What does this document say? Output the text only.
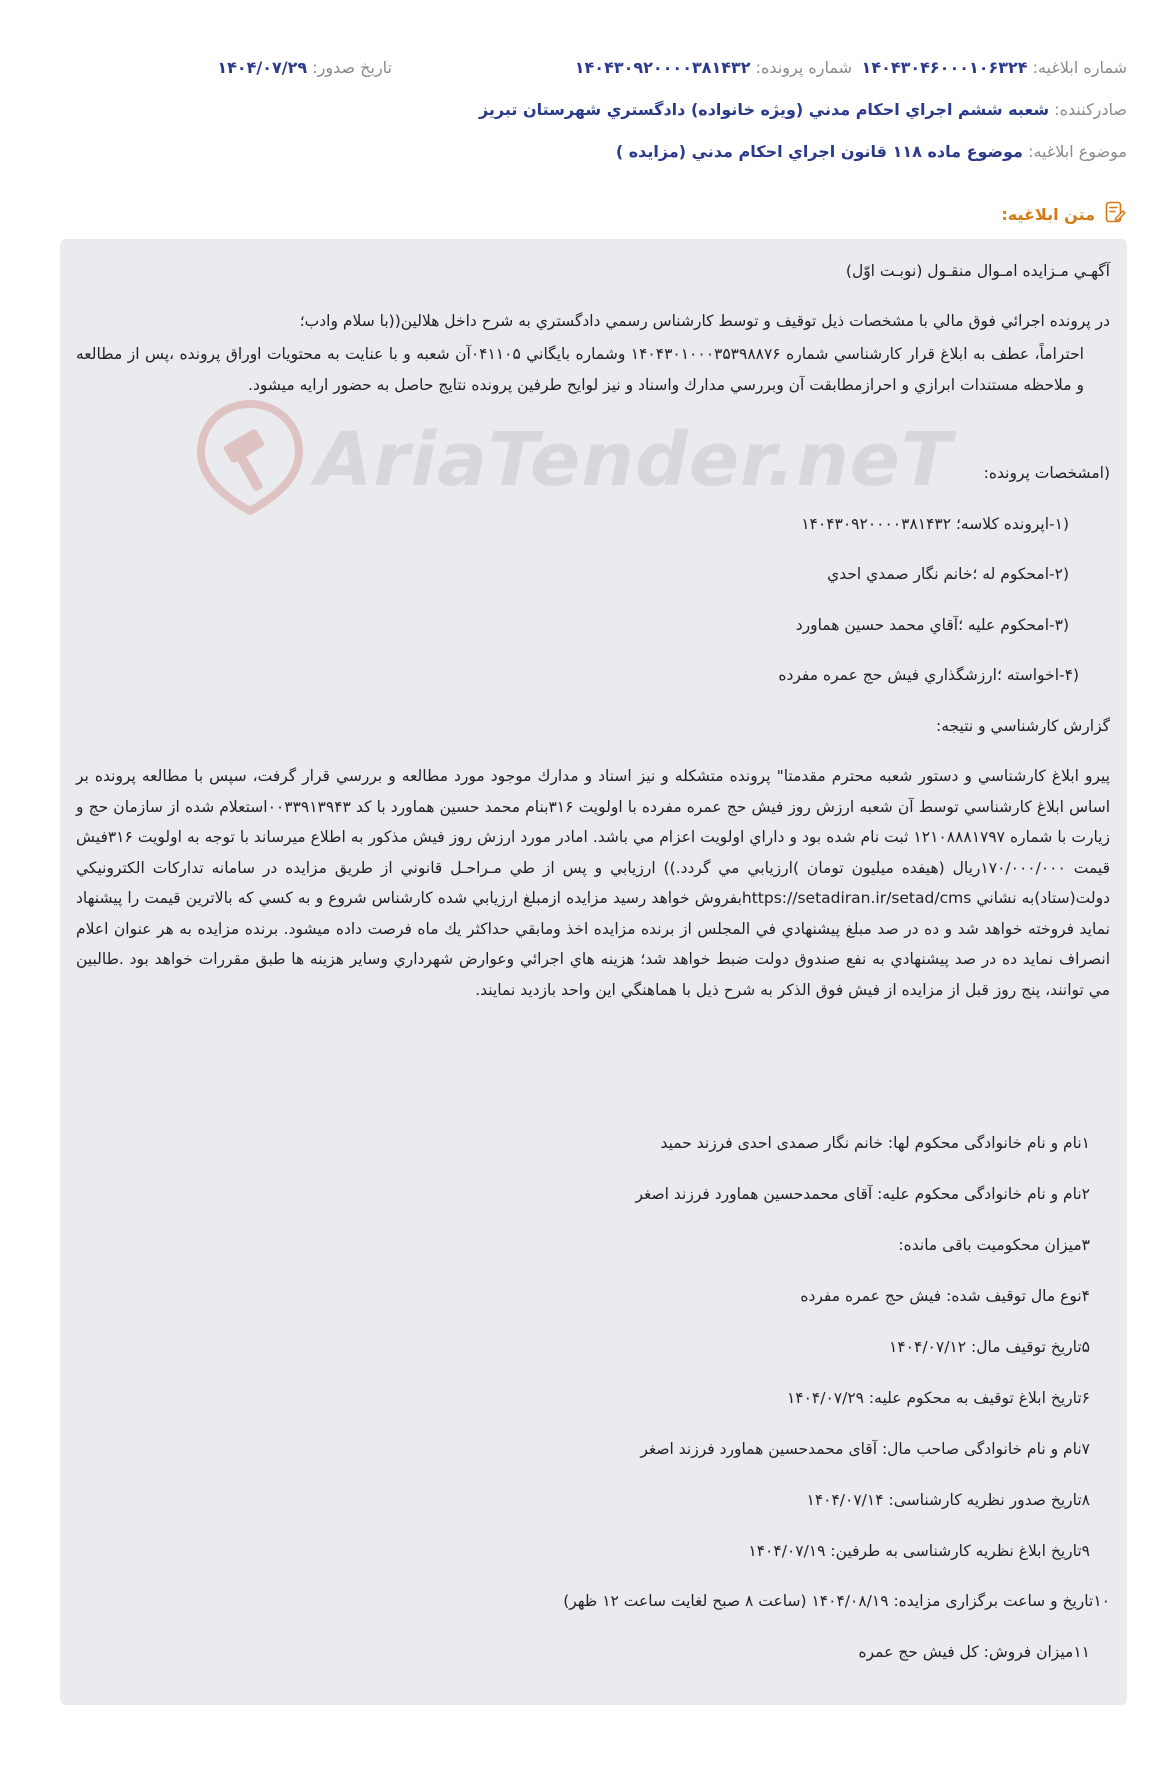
شماره ابلاغیه: ۱۴۰۴۳۰۴۶۰۰۰۱۰۶۳۲۴
شماره پرونده: ۱۴۰۴۳۰۹۲۰۰۰۰۳۸۱۴۳۲
تاریخ صدور: ۱۴۰۴/۰۷/۲۹
صادرکننده: شعبه ششم اجراي احكام مدني (ويژه خانواده) دادگستري شهرستان تبريز
موضوع ابلاغیه: موضوع ماده ۱۱۸ قانون اجراي احكام مدني (مزايده )
متن ابلاغیه:
AriaTender.neT
آگهـي مـزايده امـوال منقـول (نوبـت اوّل)
در پرونده اجرائي فوق مالي با مشخصات ذيل توقيف و توسط كارشناس رسمي دادگستري به شرح داخل هلالين((با سلام وادب؛
احتراماً، عطف به ابلاغ قرار كارشناسي شماره ۱۴۰۴۳۰۱۰۰۰۳۵۳۹۸۸۷۶ وشماره بايگاني ۰۴۱۱۰۵آن شعبه و با عنايت به محتويات اوراق پرونده ،پس از مطالعه و ملاحظه مستندات ابرازي و احرازمطابقت آن وبررسي مدارك واسناد و نيز لوايح طرفين پرونده نتايج حاصل به حضور ارايه ميشود.
(امشخصات پرونده:
(۱-اپرونده كلاسه؛ ۱۴۰۴۳۰۹۲۰۰۰۰۳۸۱۴۳۲
(۲-امحكوم له ؛خانم نگار صمدي احدي
(۳-امحكوم عليه ؛آقاي محمد حسين هماورد
(۴-اخواسته ؛ارزشگذاري فيش حج عمره مفرده
گزارش كارشناسي و نتيجه:
پيرو ابلاغ كارشناسي و دستور شعبه محترم مقدمتا" پرونده متشكله و نيز اسناد و مدارك موجود مورد مطالعه و بررسي قرار گرفت، سپس با مطالعه پرونده بر اساس ابلاغ كارشناسي توسط آن شعبه ارزش روز فيش حج عمره مفرده با اولويت ۳۱۶بنام محمد حسين هماورد با كد ۰۰۳۳۹۱۳۹۴۳استعلام شده از سازمان حج و زيارت با شماره ۱۲۱۰۸۸۸۱۷۹۷ ثبت نام شده بود و داراي اولويت اعزام مي باشد. امادر مورد ارزش روز فيش مذكور به اطلاع ميرساند با توجه به اولويت ۳۱۶فيش قيمت ۱۷۰/۰۰۰/۰۰۰ريال (هيفده ميليون تومان )ارزيابي مي گردد.)) ارزيابي و پس از طي مـراحـل قانوني از طريق مزايده در سامانه تداركات الكترونيكي دولت(ستاد)به نشاني https://setadiran.ir/setad/cmsبفروش خواهد رسيد مزايده ازمبلغ ارزيابي شده كارشناس شروع و به كسي كه بالاترين قيمت را پيشنهاد نمايد فروخته خواهد شد و ده در صد مبلغ پيشنهادي في المجلس از برنده مزايده اخذ ومابقي حداكثر يك ماه فرصت داده ميشود. برنده مزايده به هر عنوان اعلام انصراف نمايد ده در صد پيشنهادي به نفع صندوق دولت ضبط خواهد شد؛ هزينه هاي اجرائي وعوارض شهرداري وساير هزينه ها طبق مقررات خواهد بود .طالبين مي توانند، پنج روز قبل از مزايده از فيش فوق الذكر به شرح ذيل با هماهنگي اين واحد بازديد نمايند.
۱نام و نام خانوادگی محکوم لها: خانم نگار صمدی احدی فرزند حمید
۲نام و نام خانوادگی محکوم علیه: آقای محمدحسین هماورد فرزند اصغر
۳میزان محکومیت باقی مانده:
۴نوع مال توقیف شده: فیش حج عمره مفرده
۵تاریخ توقیف مال: ۱۴۰۴/۰۷/۱۲
۶تاریخ ابلاغ توقیف به محکوم علیه: ۱۴۰۴/۰۷/۲۹
۷نام و نام خانوادگی صاحب مال: آقای محمدحسین هماورد فرزند اصغر
۸تاریخ صدور نظریه کارشناسی: ۱۴۰۴/۰۷/۱۴
۹تاریخ ابلاغ نظریه کارشناسی به طرفین: ۱۴۰۴/۰۷/۱۹
۱۰تاریخ و ساعت برگزاری مزایده: ۱۴۰۴/۰۸/۱۹ (ساعت ۸ صبح لغایت ساعت ۱۲ ظهر)
۱۱میزان فروش: کل فیش حج عمره
